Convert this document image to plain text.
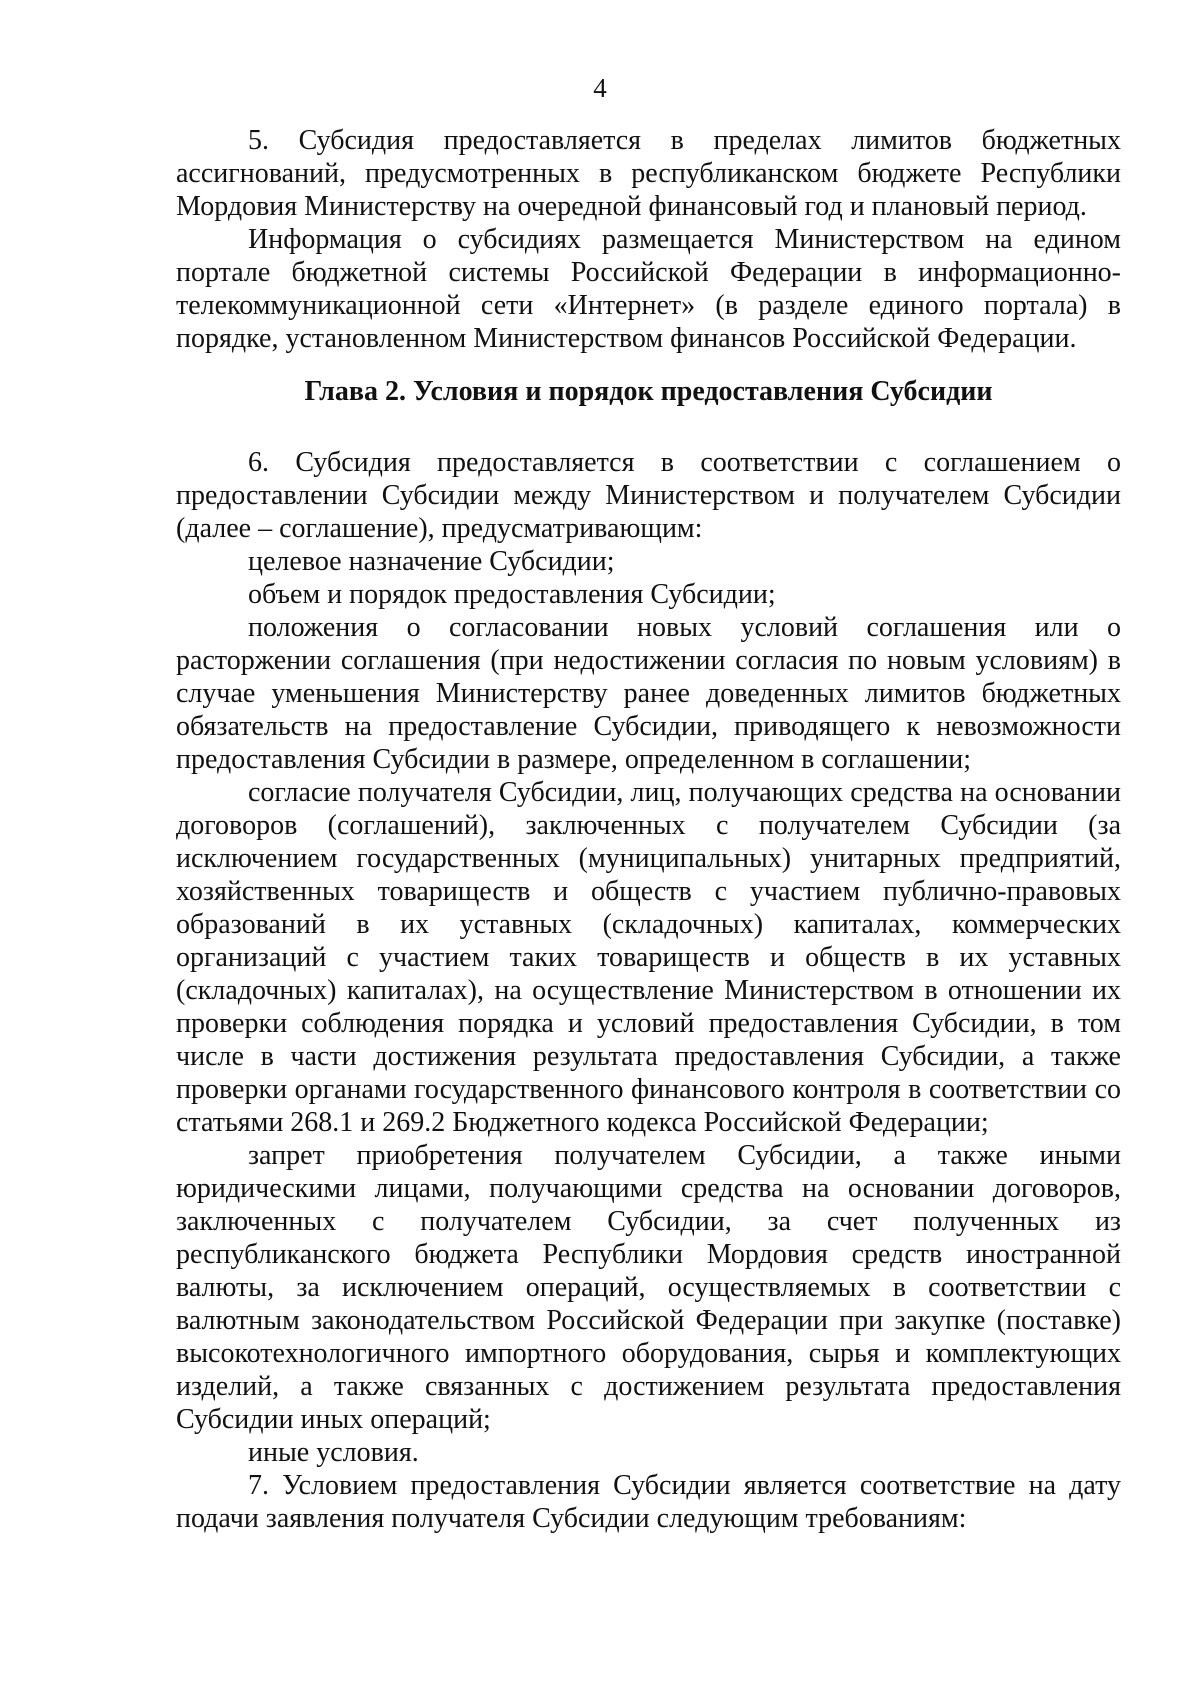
4

5. Субсидия предоставляется в пределах лимитов бюджетных ассигнований, предусмотренных в республиканском бюджете Республики Мордовия Министерству на очередной финансовый год и плановый период.

Информация о субсидиях размещается Министерством на едином портале бюджетной системы Российской Федерации в информационно-телекоммуникационной сети «Интернет» (в разделе единого портала) в порядке, установленном Министерством финансов Российской Федерации.

Глава 2. Условия и порядок предоставления Субсидии

6. Субсидия предоставляется в соответствии с соглашением о предоставлении Субсидии между Министерством и получателем Субсидии (далее – соглашение), предусматривающим:

целевое назначение Субсидии;

объем и порядок предоставления Субсидии;

положения о согласовании новых условий соглашения или о расторжении соглашения (при недостижении согласия по новым условиям) в случае уменьшения Министерству ранее доведенных лимитов бюджетных обязательств на предоставление Субсидии, приводящего к невозможности предоставления Субсидии в размере, определенном в соглашении;

согласие получателя Субсидии, лиц, получающих средства на основании договоров (соглашений), заключенных с получателем Субсидии (за исключением государственных (муниципальных) унитарных предприятий, хозяйственных товариществ и обществ с участием публично-правовых образований в их уставных (складочных) капиталах, коммерческих организаций с участием таких товариществ и обществ в их уставных (складочных) капиталах), на осуществление Министерством в отношении их проверки соблюдения порядка и условий предоставления Субсидии, в том числе в части достижения результата предоставления Субсидии, а также проверки органами государственного финансового контроля в соответствии со статьями 268.1 и 269.2 Бюджетного кодекса Российской Федерации;

запрет приобретения получателем Субсидии, а также иными юридическими лицами, получающими средства на основании договоров, заключенных с получателем Субсидии, за счет полученных из республиканского бюджета Республики Мордовия средств иностранной валюты, за исключением операций, осуществляемых в соответствии с валютным законодательством Российской Федерации при закупке (поставке) высокотехнологичного импортного оборудования, сырья и комплектующих изделий, а также связанных с достижением результата предоставления Субсидии иных операций;

иные условия.

7. Условием предоставления Субсидии является соответствие на дату подачи заявления получателя Субсидии следующим требованиям:
